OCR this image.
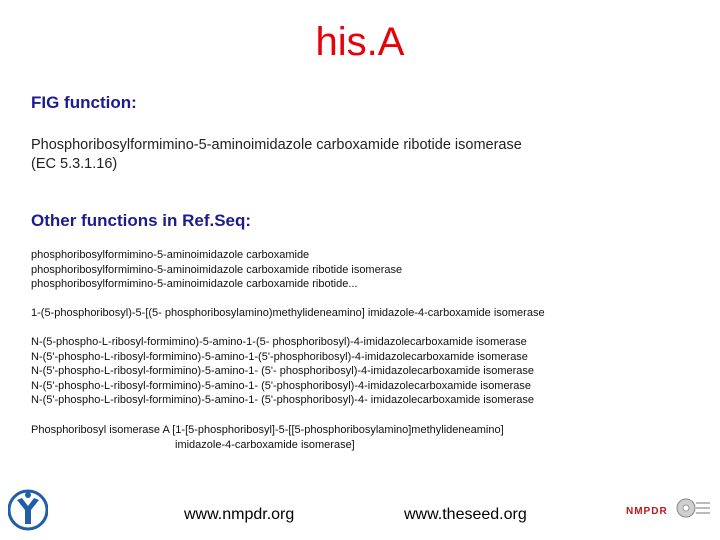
his.A
FIG function:
Phosphoribosylformimino-5-aminoimidazole carboxamide ribotide isomerase
(EC 5.3.1.16)
Other functions in Ref.Seq:
phosphoribosylformimino-5-aminoimidazole carboxamide
phosphoribosylformimino-5-aminoimidazole carboxamide ribotide isomerase
phosphoribosylformimino-5-aminoimidazole carboxamide ribotide...
1-(5-phosphoribosyl)-5-[(5- phosphoribosylamino)methylideneamino] imidazole-4-carboxamide isomerase
N-(5-phospho-L-ribosyl-formimino)-5-amino-1-(5- phosphoribosyl)-4-imidazolecarboxamide isomerase
N-(5'-phospho-L-ribosyl-formimino)-5-amino-1-(5'-phosphoribosyl)-4-imidazolecarboxamide isomerase
N-(5'-phospho-L-ribosyl-formimino)-5-amino-1- (5'- phosphoribosyl)-4-imidazolecarboxamide isomerase
N-(5'-phospho-L-ribosyl-formimino)-5-amino-1- (5'-phosphoribosyl)-4-imidazolecarboxamide isomerase
N-(5'-phospho-L-ribosyl-formimino)-5-amino-1- (5'-phosphoribosyl)-4- imidazolecarboxamide isomerase
Phosphoribosyl isomerase A [1-[5-phosphoribosyl]-5-[[5-phosphoribosylamino]methylideneamino]
imidazole-4-carboxamide isomerase]
www.nmpdr.org	www.theseed.org	NMPDR
